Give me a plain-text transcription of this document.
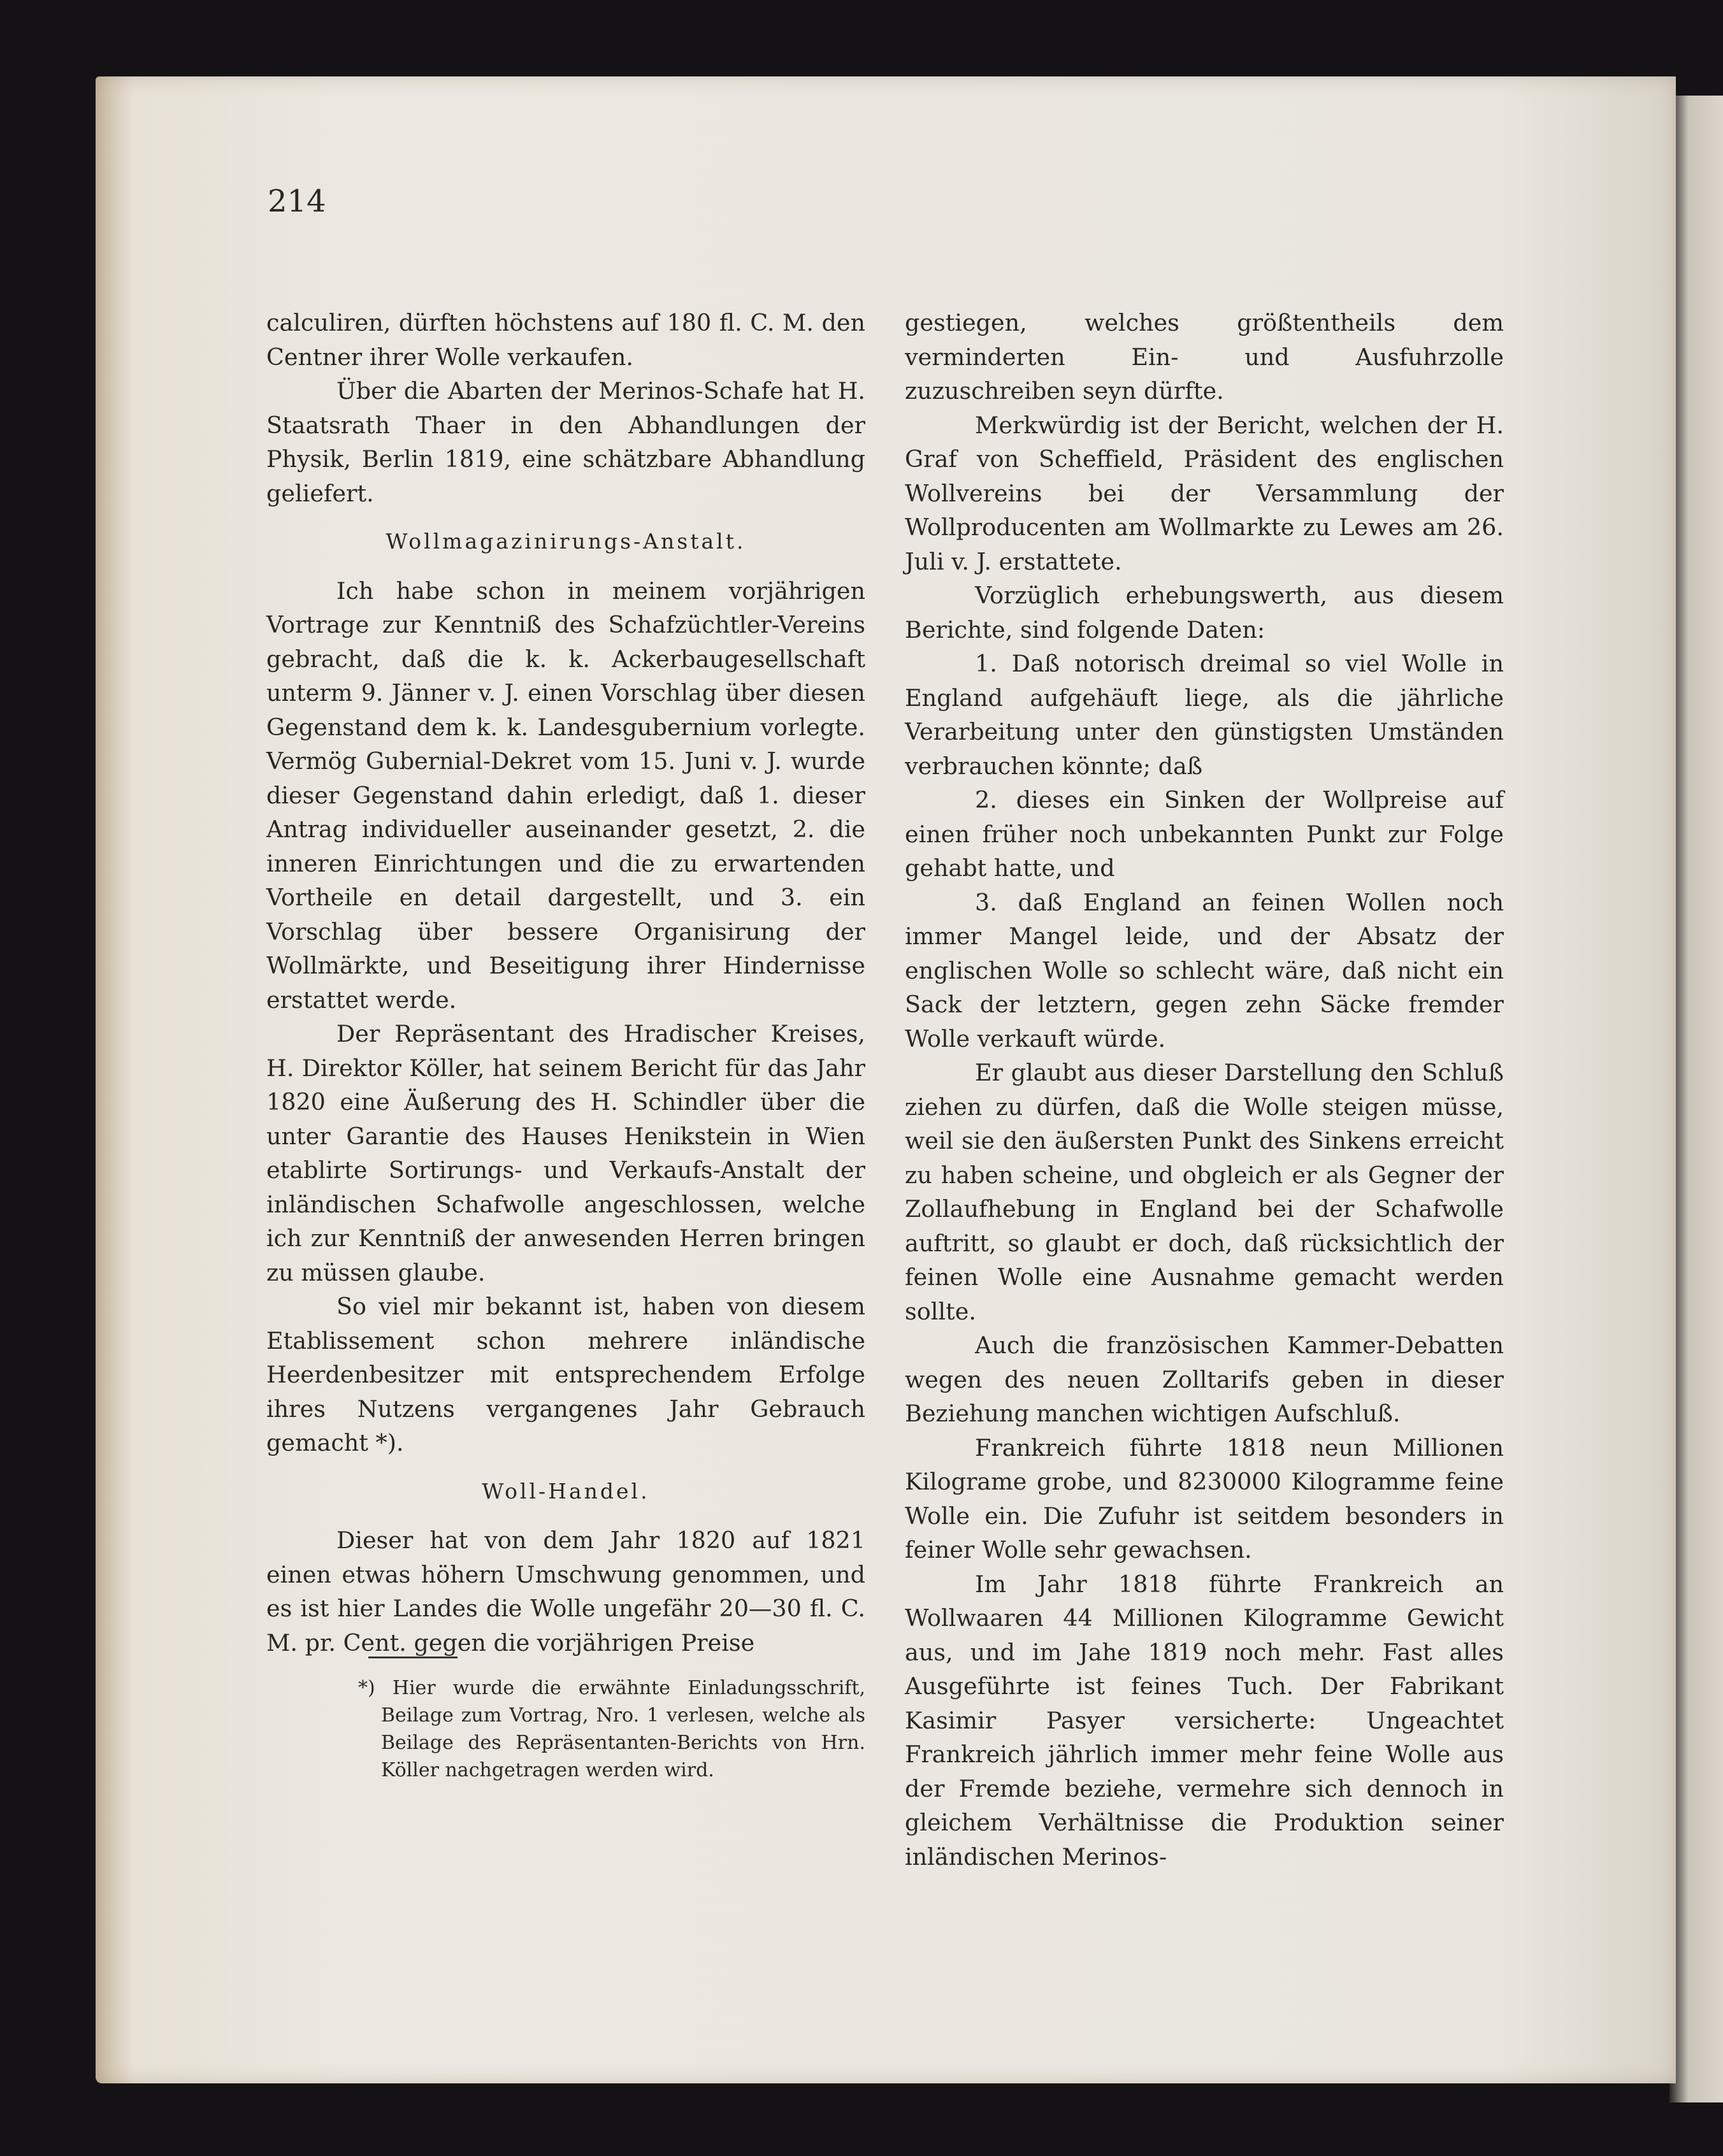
214

calculiren, dürften höchstens auf 180 fl. C. M. den Centner ihrer Wolle verkaufen.

Über die Abarten der Merinos-Schafe hat H. Staatsrath Thaer in den Abhandlungen der Physik, Berlin 1819, eine schätzbare Abhandlung geliefert.

Wollmagazinirungs-Anstalt.

Ich habe schon in meinem vorjährigen Vortrage zur Kenntniß des Schafzüchtler-Vereins gebracht, daß die k. k. Ackerbaugesellschaft unterm 9. Jänner v. J. einen Vorschlag über diesen Gegenstand dem k. k. Landesgubernium vorlegte. Vermög Gubernial-Dekret vom 15. Juni v. J. wurde dieser Gegenstand dahin erledigt, daß 1. dieser Antrag individueller auseinander gesetzt, 2. die inneren Einrichtungen und die zu erwartenden Vortheile en detail dargestellt, und 3. ein Vorschlag über bessere Organisirung der Wollmärkte, und Beseitigung ihrer Hindernisse erstattet werde.

Der Repräsentant des Hradischer Kreises, H. Direktor Köller, hat seinem Bericht für das Jahr 1820 eine Äußerung des H. Schindler über die unter Garantie des Hauses Henikstein in Wien etablirte Sortirungs- und Verkaufs-Anstalt der inländischen Schafwolle angeschlossen, welche ich zur Kenntniß der anwesenden Herren bringen zu müssen glaube.

So viel mir bekannt ist, haben von diesem Etablissement schon mehrere inländische Heerdenbesitzer mit entsprechendem Erfolge ihres Nutzens vergangenes Jahr Gebrauch gemacht *).

Woll-Handel.

Dieser hat von dem Jahr 1820 auf 1821 einen etwas höhern Umschwung genommen, und es ist hier Landes die Wolle ungefähr 20—30 fl. C. M. pr. Cent. gegen die vorjährigen Preise

*) Hier wurde die erwähnte Einladungsschrift, Beilage zum Vortrag, Nro. 1 verlesen, welche als Beilage des Repräsentanten-Berichts von Hrn. Köller nachgetragen werden wird.

gestiegen, welches größtentheils dem verminderten Ein- und Ausfuhrzolle zuzuschreiben seyn dürfte.

Merkwürdig ist der Bericht, welchen der H. Graf von Scheffield, Präsident des englischen Wollvereins bei der Versammlung der Wollproducenten am Wollmarkte zu Lewes am 26. Juli v. J. erstattete.

Vorzüglich erhebungswerth, aus diesem Berichte, sind folgende Daten:

1. Daß notorisch dreimal so viel Wolle in England aufgehäuft liege, als die jährliche Verarbeitung unter den günstigsten Umständen verbrauchen könnte; daß

2. dieses ein Sinken der Wollpreise auf einen früher noch unbekannten Punkt zur Folge gehabt hatte, und

3. daß England an feinen Wollen noch immer Mangel leide, und der Absatz der englischen Wolle so schlecht wäre, daß nicht ein Sack der letztern, gegen zehn Säcke fremder Wolle verkauft würde.

Er glaubt aus dieser Darstellung den Schluß ziehen zu dürfen, daß die Wolle steigen müsse, weil sie den äußersten Punkt des Sinkens erreicht zu haben scheine, und obgleich er als Gegner der Zollaufhebung in England bei der Schafwolle auftritt, so glaubt er doch, daß rücksichtlich der feinen Wolle eine Ausnahme gemacht werden sollte.

Auch die französischen Kammer-Debatten wegen des neuen Zolltarifs geben in dieser Beziehung manchen wichtigen Aufschluß.

Frankreich führte 1818 neun Millionen Kilograme grobe, und 8230000 Kilogramme feine Wolle ein. Die Zufuhr ist seitdem besonders in feiner Wolle sehr gewachsen.

Im Jahr 1818 führte Frankreich an Wollwaaren 44 Millionen Kilogramme Gewicht aus, und im Jahe 1819 noch mehr. Fast alles Ausgeführte ist feines Tuch. Der Fabrikant Kasimir Pasyer versicherte: Ungeachtet Frankreich jährlich immer mehr feine Wolle aus der Fremde beziehe, vermehre sich dennoch in gleichem Verhältnisse die Produktion seiner inländischen Merinos-
